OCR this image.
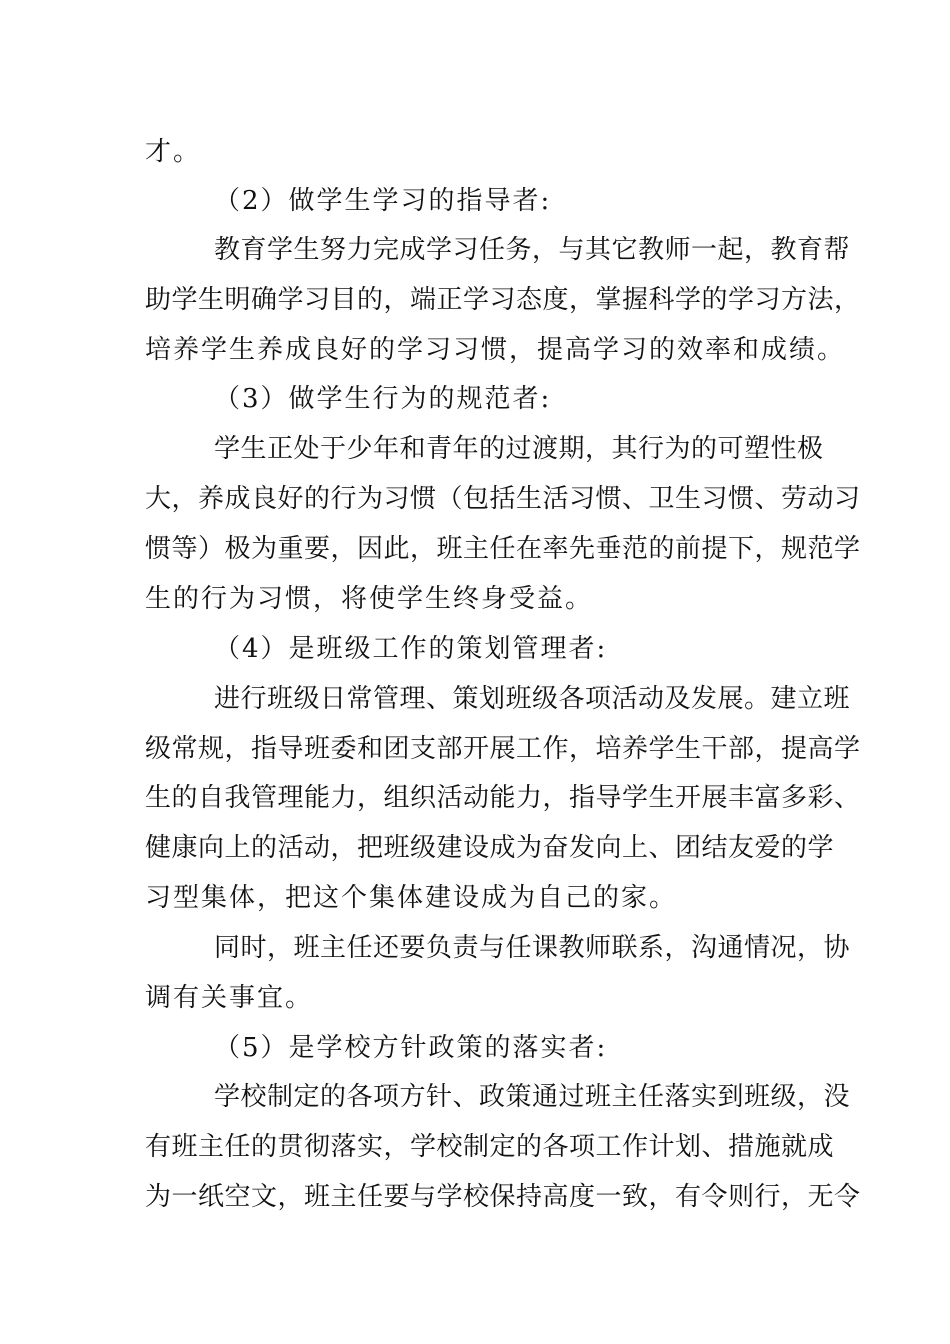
才。
（2）做学生学习的指导者:
教育学生努力完成学习任务，与其它教师一起，教育帮
助学生明确学习目的，端正学习态度，掌握科学的学习方法，
培养学生养成良好的学习习惯，提高学习的效率和成绩。
（3）做学生行为的规范者:
学生正处于少年和青年的过渡期，其行为的可塑性极
大，养成良好的行为习惯（包括生活习惯、卫生习惯、劳动习
惯等）极为重要，因此，班主任在率先垂范的前提下，规范学
生的行为习惯，将使学生终身受益。
（4）是班级工作的策划管理者:
进行班级日常管理、策划班级各项活动及发展。建立班
级常规，指导班委和团支部开展工作，培养学生干部，提高学
生的自我管理能力，组织活动能力，指导学生开展丰富多彩、
健康向上的活动，把班级建设成为奋发向上、团结友爱的学
习型集体，把这个集体建设成为自己的家。
同时，班主任还要负责与任课教师联系，沟通情况，协
调有关事宜。
（5）是学校方针政策的落实者:
学校制定的各项方针、政策通过班主任落实到班级，没
有班主任的贯彻落实，学校制定的各项工作计划、措施就成
为一纸空文，班主任要与学校保持高度一致，有令则行，无令
